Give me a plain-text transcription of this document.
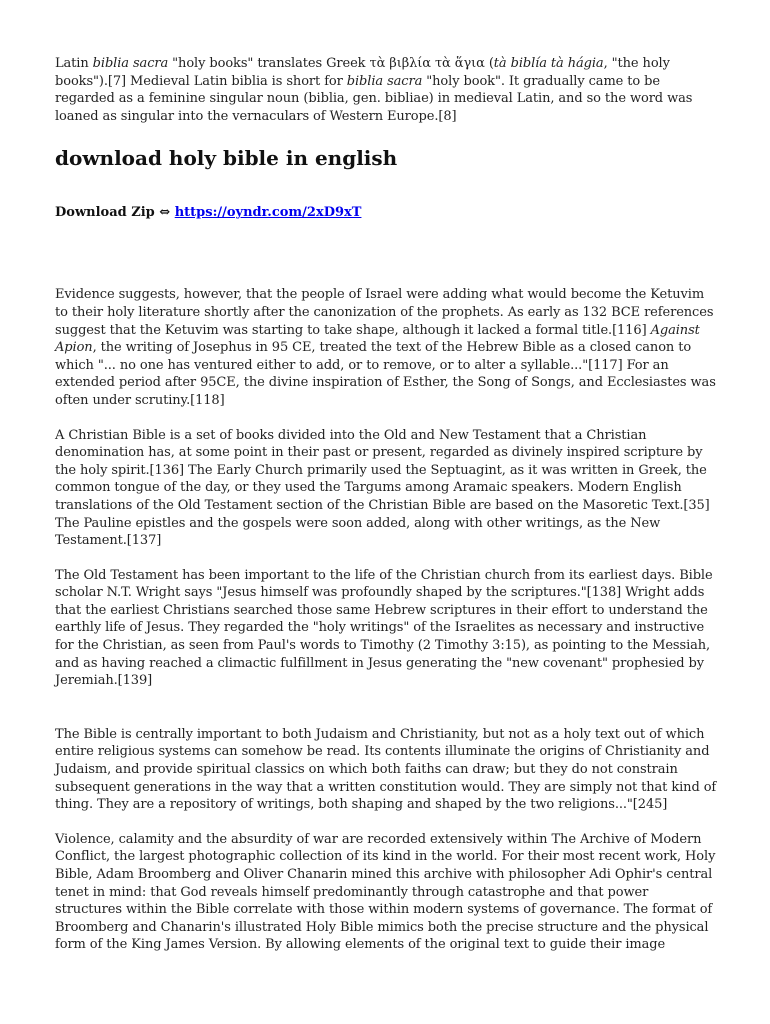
Latin biblia sacra "holy books" translates Greek τὰ βιβλία τὰ ἅγια (tà biblía tà hágia, "the holy books").[7] Medieval Latin biblia is short for biblia sacra "holy book". It gradually came to be regarded as a feminine singular noun (biblia, gen. bibliae) in medieval Latin, and so the word was loaned as singular into the vernaculars of Western Europe.[8]

download holy bible in english
Download Zip ⇔ https://oyndr.com/2xD9xT

Evidence suggests, however, that the people of Israel were adding what would become the Ketuvim to their holy literature shortly after the canonization of the prophets. As early as 132 BCE references suggest that the Ketuvim was starting to take shape, although it lacked a formal title.[116] Against Apion, the writing of Josephus in 95 CE, treated the text of the Hebrew Bible as a closed canon to which "... no one has ventured either to add, or to remove, or to alter a syllable..."[117] For an extended period after 95CE, the divine inspiration of Esther, the Song of Songs, and Ecclesiastes was often under scrutiny.[118]

A Christian Bible is a set of books divided into the Old and New Testament that a Christian denomination has, at some point in their past or present, regarded as divinely inspired scripture by the holy spirit.[136] The Early Church primarily used the Septuagint, as it was written in Greek, the common tongue of the day, or they used the Targums among Aramaic speakers. Modern English translations of the Old Testament section of the Christian Bible are based on the Masoretic Text.[35] The Pauline epistles and the gospels were soon added, along with other writings, as the New Testament.[137]

The Old Testament has been important to the life of the Christian church from its earliest days. Bible scholar N.T. Wright says "Jesus himself was profoundly shaped by the scriptures."[138] Wright adds that the earliest Christians searched those same Hebrew scriptures in their effort to understand the earthly life of Jesus. They regarded the "holy writings" of the Israelites as necessary and instructive for the Christian, as seen from Paul's words to Timothy (2 Timothy 3:15), as pointing to the Messiah, and as having reached a climactic fulfillment in Jesus generating the "new covenant" prophesied by Jeremiah.[139]

The Bible is centrally important to both Judaism and Christianity, but not as a holy text out of which entire religious systems can somehow be read. Its contents illuminate the origins of Christianity and Judaism, and provide spiritual classics on which both faiths can draw; but they do not constrain subsequent generations in the way that a written constitution would. They are simply not that kind of thing. They are a repository of writings, both shaping and shaped by the two religions..."[245]

Violence, calamity and the absurdity of war are recorded extensively within The Archive of Modern Conflict, the largest photographic collection of its kind in the world. For their most recent work, Holy Bible, Adam Broomberg and Oliver Chanarin mined this archive with philosopher Adi Ophir's central tenet in mind: that God reveals himself predominantly through catastrophe and that power structures within the Bible correlate with those within modern systems of governance. The format of Broomberg and Chanarin's illustrated Holy Bible mimics both the precise structure and the physical form of the King James Version. By allowing elements of the original text to guide their image
